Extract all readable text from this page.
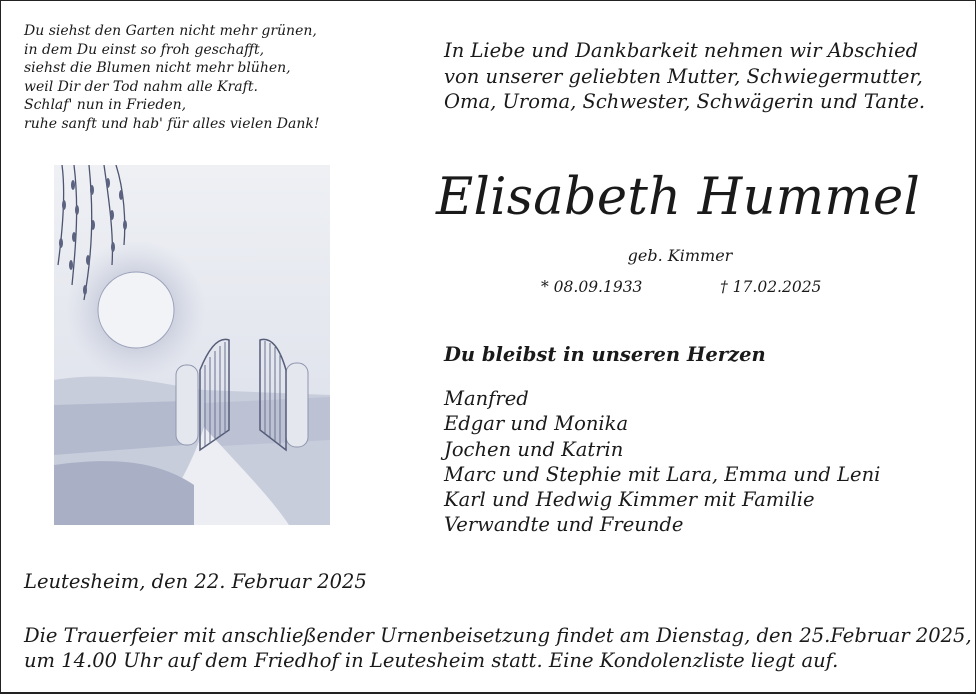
Du siehst den Garten nicht mehr grünen,
in dem Du einst so froh geschafft,
siehst die Blumen nicht mehr blühen,
weil Dir der Tod nahm alle Kraft.
Schlaf' nun in Frieden,
ruhe sanft und hab' für alles vielen Dank!
In Liebe und Dankbarkeit nehmen wir Abschied
von unserer geliebten Mutter, Schwiegermutter,
Oma, Uroma, Schwester, Schwägerin und Tante.
Elisabeth Hummel
geb. Kimmer
* 08.09.1933	† 17.02.2025
Du bleibst in unseren Herzen
Manfred
Edgar und Monika
Jochen und Katrin
Marc und Stephie mit Lara, Emma und Leni
Karl und Hedwig Kimmer mit Familie
Verwandte und Freunde
Leutesheim, den 22. Februar 2025
Die Trauerfeier mit anschließender Urnenbeisetzung findet am Dienstag, den 25.Februar 2025,
um 14.00 Uhr auf dem Friedhof in Leutesheim statt. Eine Kondolenzliste liegt auf.
